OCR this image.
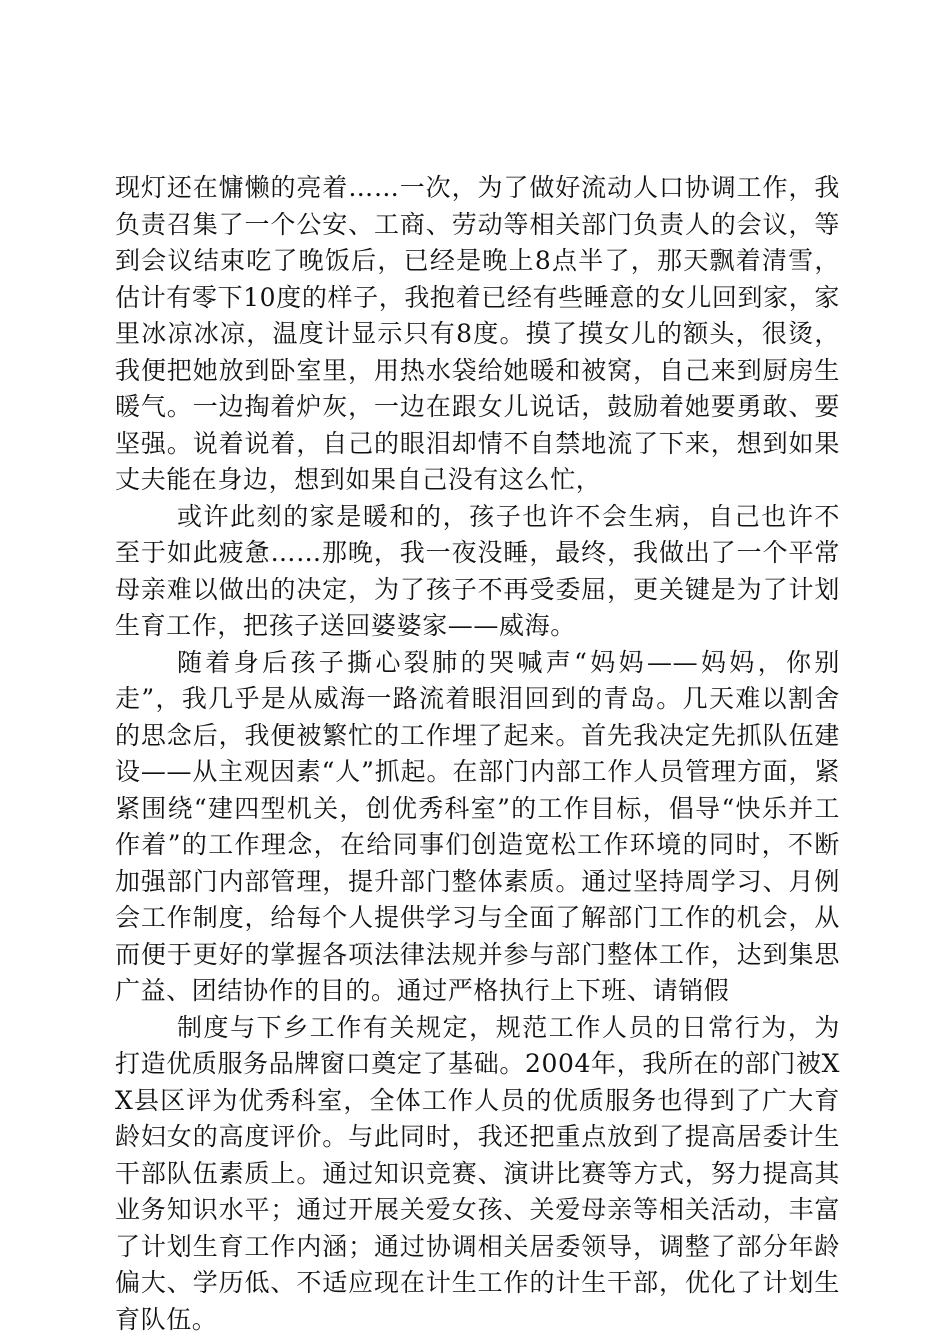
现灯还在慵懒的亮着……一次，为了做好流动人口协调工作，我负责召集了一个公安、工商、劳动等相关部门负责人的会议，等到会议结束吃了晚饭后，已经是晚上8点半了，那天飘着清雪，估计有零下10度的样子，我抱着已经有些睡意的女儿回到家，家里冰凉冰凉，温度计显示只有8度。摸了摸女儿的额头，很烫，我便把她放到卧室里，用热水袋给她暖和被窝，自己来到厨房生暖气。一边掏着炉灰，一边在跟女儿说话，鼓励着她要勇敢、要坚强。说着说着，自己的眼泪却情不自禁地流了下来，想到如果丈夫能在身边，想到如果自己没有这么忙，

或许此刻的家是暖和的，孩子也许不会生病，自己也许不至于如此疲惫……那晚，我一夜没睡，最终，我做出了一个平常母亲难以做出的决定，为了孩子不再受委屈，更关键是为了计划生育工作，把孩子送回婆婆家——威海。

随着身后孩子撕心裂肺的哭喊声“妈妈——妈妈，你别走”，我几乎是从威海一路流着眼泪回到的青岛。几天难以割舍的思念后，我便被繁忙的工作埋了起来。首先我决定先抓队伍建设——从主观因素“人”抓起。在部门内部工作人员管理方面，紧紧围绕“建四型机关，创优秀科室”的工作目标，倡导“快乐并工作着”的工作理念，在给同事们创造宽松工作环境的同时，不断加强部门内部管理，提升部门整体素质。通过坚持周学习、月例会工作制度，给每个人提供学习与全面了解部门工作的机会，从而便于更好的掌握各项法律法规并参与部门整体工作，达到集思广益、团结协作的目的。通过严格执行上下班、请销假

制度与下乡工作有关规定，规范工作人员的日常行为，为打造优质服务品牌窗口奠定了基础。2004年，我所在的部门被XX县区评为优秀科室，全体工作人员的优质服务也得到了广大育龄妇女的高度评价。与此同时，我还把重点放到了提高居委计生干部队伍素质上。通过知识竞赛、演讲比赛等方式，努力提高其业务知识水平；通过开展关爱女孩、关爱母亲等相关活动，丰富了计划生育工作内涵；通过协调相关居委领导，调整了部分年龄偏大、学历低、不适应现在计生工作的计生干部，优化了计划生育队伍。
